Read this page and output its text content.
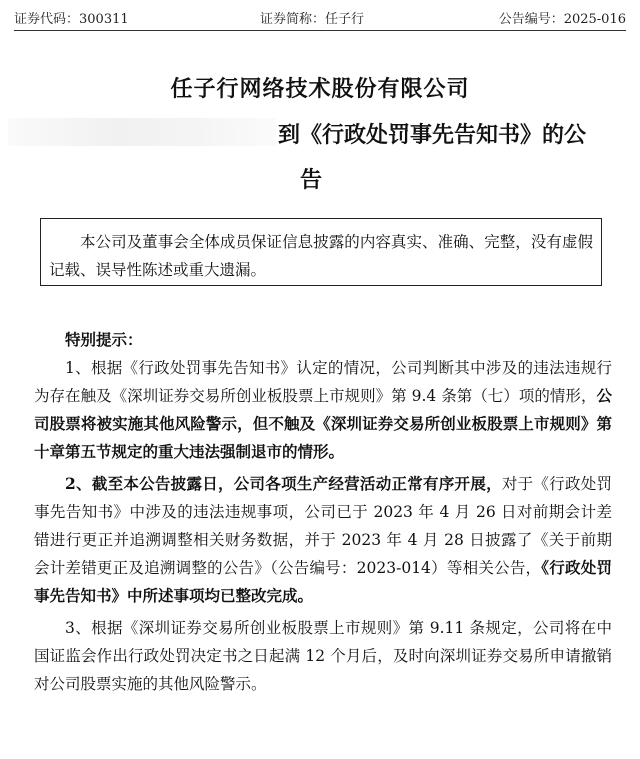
证券代码：300311	证券简称：任子行	公告编号：2025-016
任子行网络技术股份有限公司
到《行政处罚事先告知书》的公
告
本公司及董事会全体成员保证信息披露的内容真实、准确、完整，没有虚假记载、误导性陈述或重大遗漏。

特别提示：

1、根据《行政处罚事先告知书》认定的情况，公司判断其中涉及的违法违规行为存在触及《深圳证券交易所创业板股票上市规则》第 9.4 条第（七）项的情形，公司股票将被实施其他风险警示，但不触及《深圳证券交易所创业板股票上市规则》第十章第五节规定的重大违法强制退市的情形。

2、截至本公告披露日，公司各项生产经营活动正常有序开展，对于《行政处罚事先告知书》中涉及的违法违规事项，公司已于 2023 年 4 月 26 日对前期会计差错进行更正并追溯调整相关财务数据，并于 2023 年 4 月 28 日披露了《关于前期会计差错更正及追溯调整的公告》（公告编号：2023-014）等相关公告，《行政处罚事先告知书》中所述事项均已整改完成。

3、根据《深圳证券交易所创业板股票上市规则》第 9.11 条规定，公司将在中国证监会作出行政处罚决定书之日起满 12 个月后，及时向深圳证券交易所申请撤销对公司股票实施的其他风险警示。
